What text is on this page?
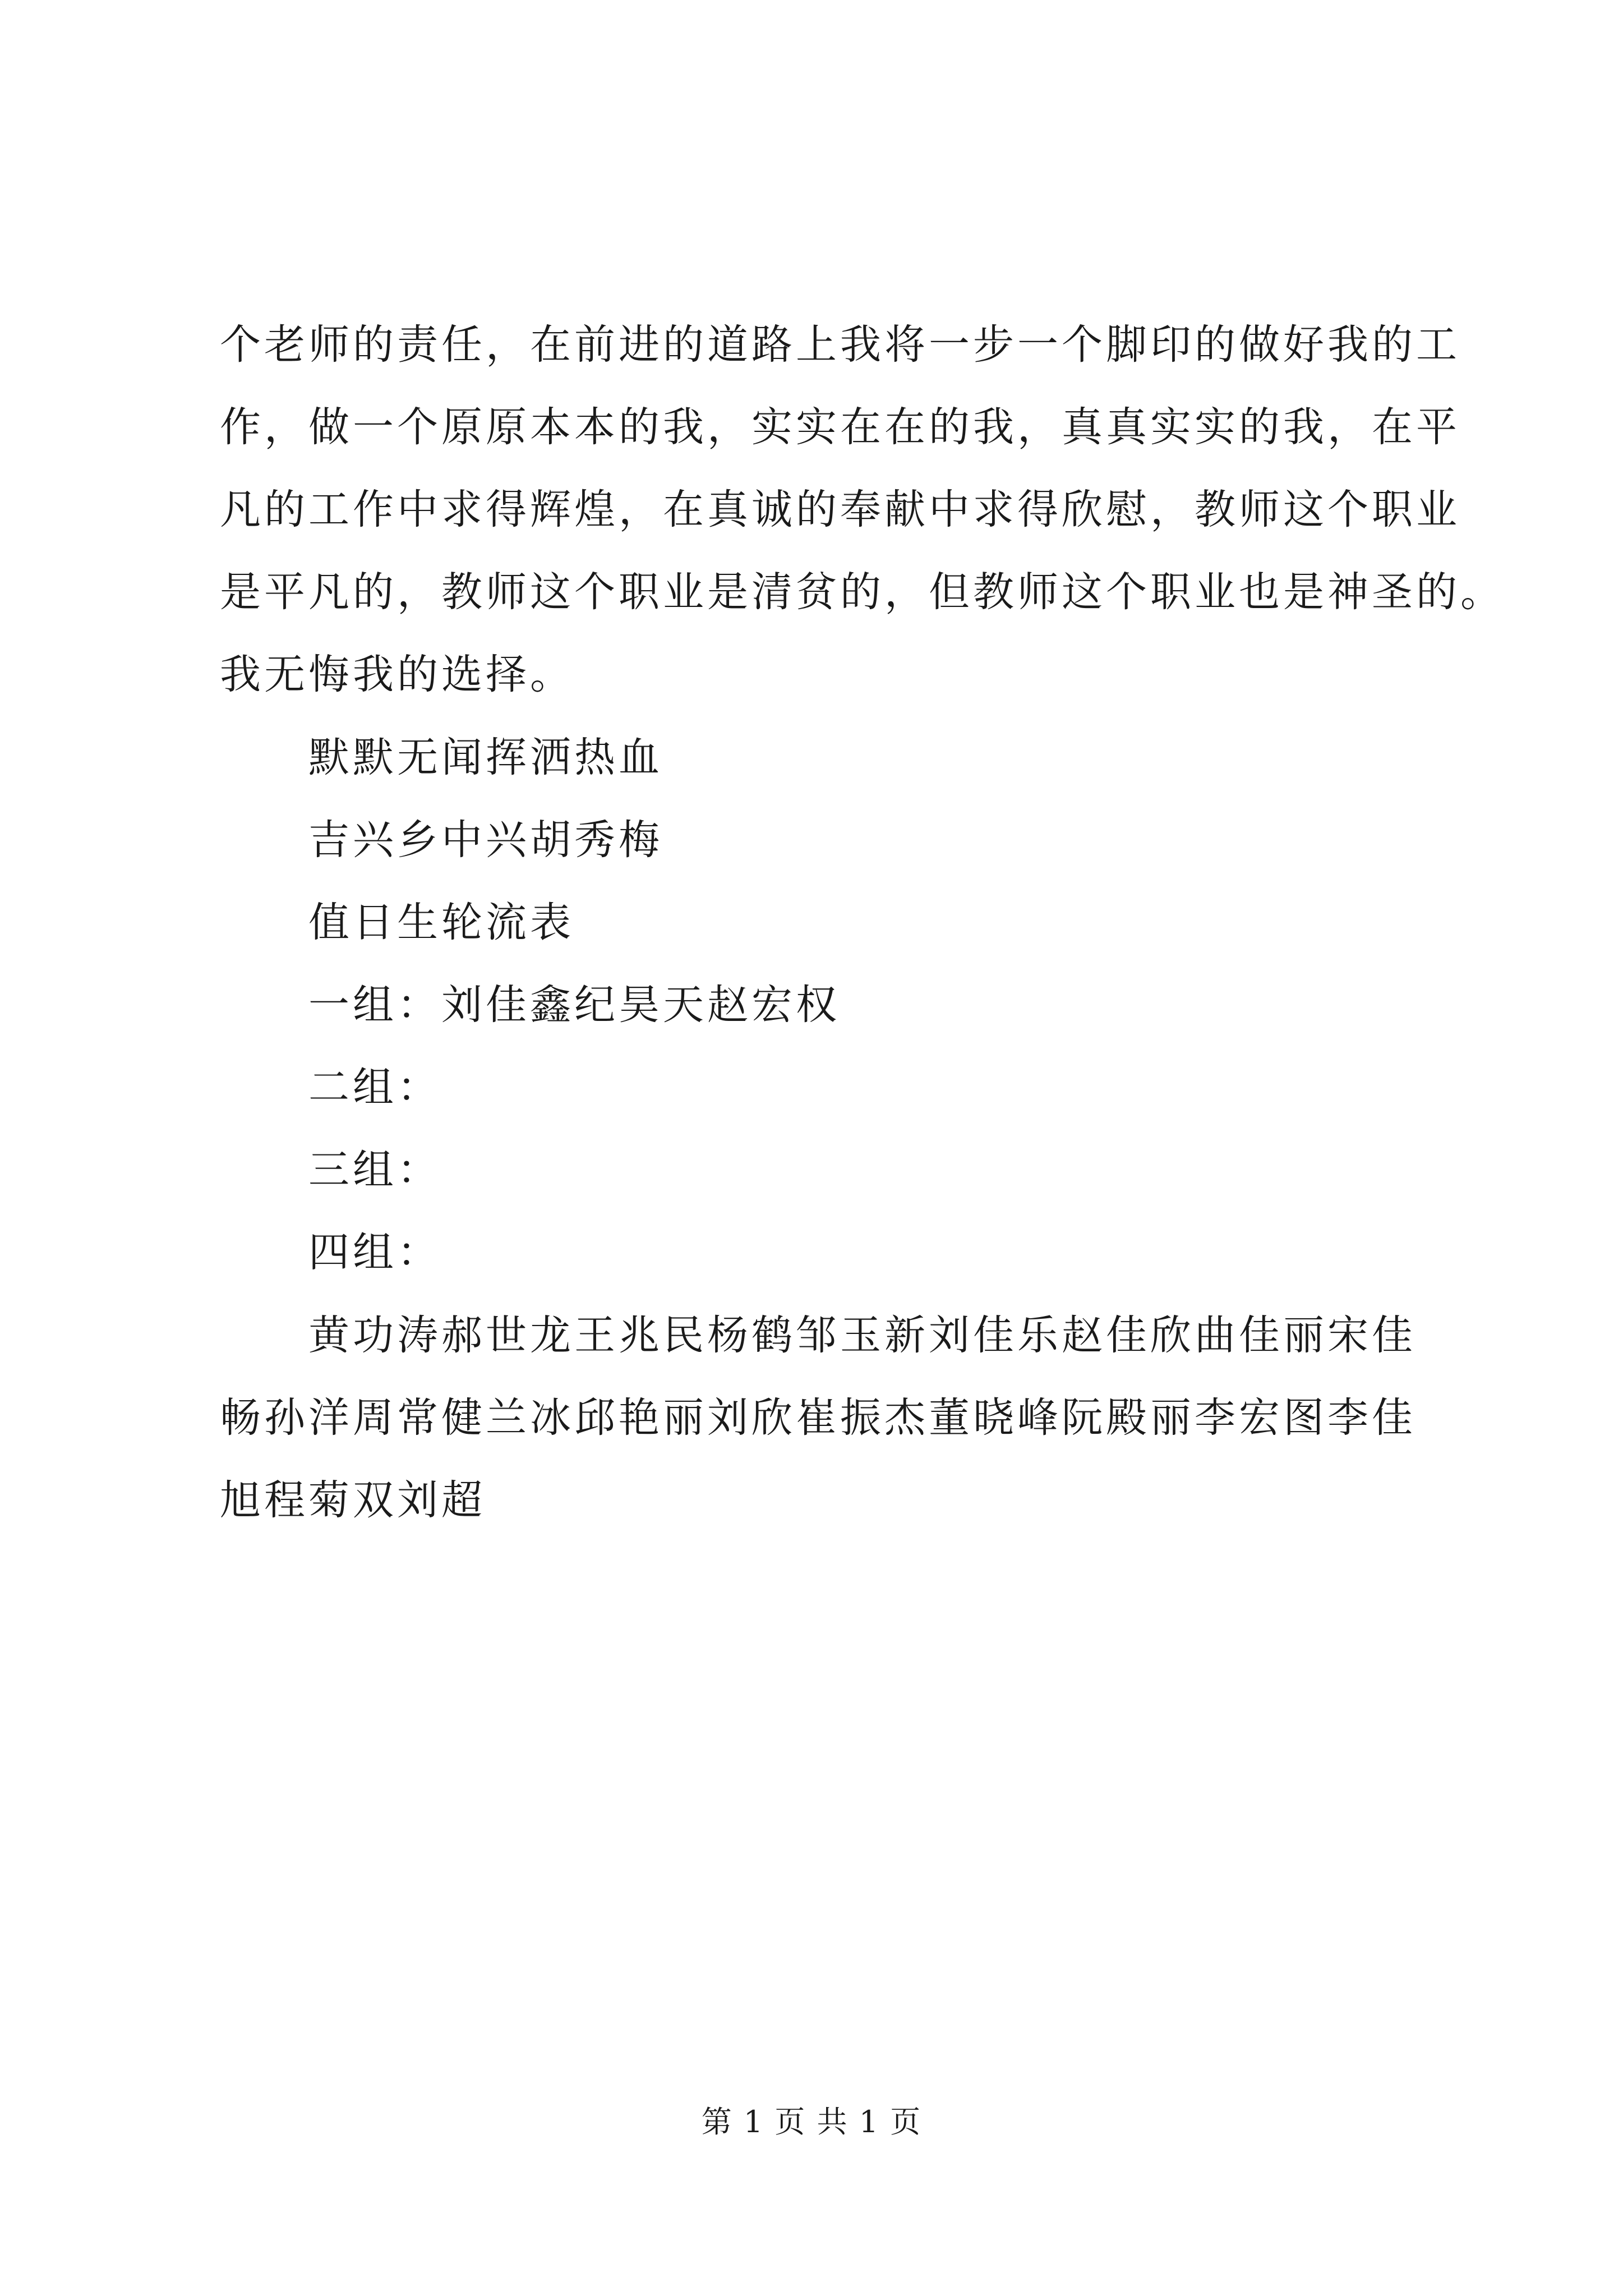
个老师的责任，在前进的道路上我将一步一个脚印的做好我的工
作，做一个原原本本的我，实实在在的我，真真实实的我，在平
凡的工作中求得辉煌，在真诚的奉献中求得欣慰，教师这个职业
是平凡的，教师这个职业是清贫的，但教师这个职业也是神圣的。
我无悔我的选择。
默默无闻挥洒热血
吉兴乡中兴胡秀梅
值日生轮流表
一组：刘佳鑫纪昊天赵宏权
二组：
三组：
四组：
黄功涛郝世龙王兆民杨鹤邹玉新刘佳乐赵佳欣曲佳丽宋佳
畅孙洋周常健兰冰邱艳丽刘欣崔振杰董晓峰阮殿丽李宏图李佳
旭程菊双刘超
第 1 页 共 1 页
